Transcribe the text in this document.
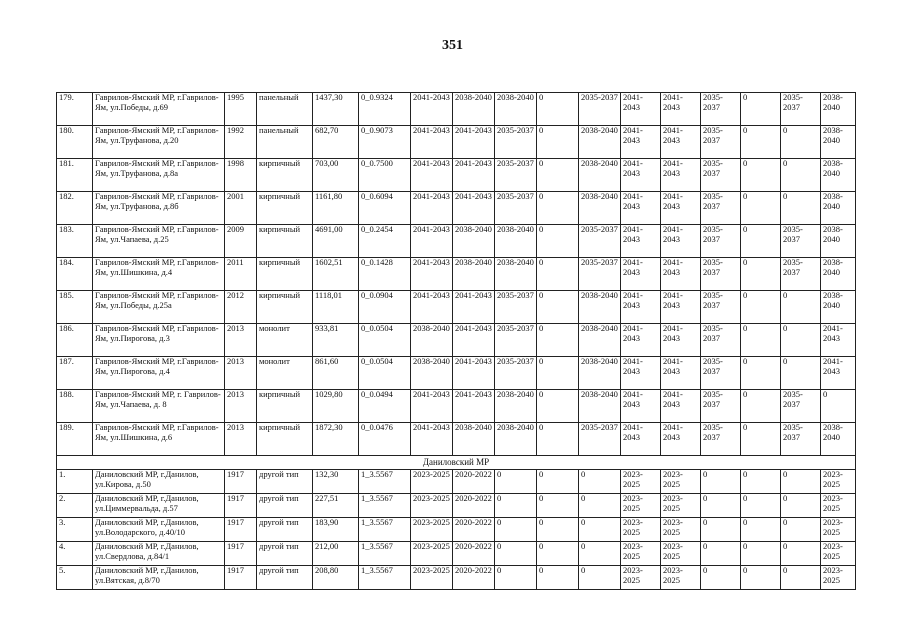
351
179.	Гаврилов-Ямский МР, г.Гаврилов-Ям, ул.Победы, д.69	1995	панельный	1437,30	0_0.9324	2041-2043	2038-2040	2038-2040	0	2035-2037	2041-2043	2041-2043	2035-2037	0	2035-2037	2038-2040
180.	Гаврилов-Ямский МР, г.Гаврилов-Ям, ул.Труфанова, д.20	1992	панельный	682,70	0_0.9073	2041-2043	2041-2043	2035-2037	0	2038-2040	2041-2043	2041-2043	2035-2037	0	0	2038-2040
181.	Гаврилов-Ямский МР, г.Гаврилов-Ям, ул.Труфанова, д.8а	1998	кирпичный	703,00	0_0.7500	2041-2043	2041-2043	2035-2037	0	2038-2040	2041-2043	2041-2043	2035-2037	0	0	2038-2040
182.	Гаврилов-Ямский МР, г.Гаврилов-Ям, ул.Труфанова, д.8б	2001	кирпичный	1161,80	0_0.6094	2041-2043	2041-2043	2035-2037	0	2038-2040	2041-2043	2041-2043	2035-2037	0	0	2038-2040
183.	Гаврилов-Ямский МР, г.Гаврилов-Ям, ул.Чапаева, д.25	2009	кирпичный	4691,00	0_0.2454	2041-2043	2038-2040	2038-2040	0	2035-2037	2041-2043	2041-2043	2035-2037	0	2035-2037	2038-2040
184.	Гаврилов-Ямский МР, г.Гаврилов-Ям, ул.Шишкина, д.4	2011	кирпичный	1602,51	0_0.1428	2041-2043	2038-2040	2038-2040	0	2035-2037	2041-2043	2041-2043	2035-2037	0	2035-2037	2038-2040
185.	Гаврилов-Ямский МР, г.Гаврилов-Ям, ул.Победы, д.25а	2012	кирпичный	1118,01	0_0.0904	2041-2043	2041-2043	2035-2037	0	2038-2040	2041-2043	2041-2043	2035-2037	0	0	2038-2040
186.	Гаврилов-Ямский МР, г.Гаврилов-Ям, ул.Пирогова, д.3	2013	монолит	933,81	0_0.0504	2038-2040	2041-2043	2035-2037	0	2038-2040	2041-2043	2041-2043	2035-2037	0	0	2041-2043
187.	Гаврилов-Ямский МР, г.Гаврилов-Ям, ул.Пирогова, д.4	2013	монолит	861,60	0_0.0504	2038-2040	2041-2043	2035-2037	0	2038-2040	2041-2043	2041-2043	2035-2037	0	0	2041-2043
188.	Гаврилов-Ямский МР, г. Гаврилов-Ям, ул.Чапаева, д. 8	2013	кирпичный	1029,80	0_0.0494	2041-2043	2041-2043	2038-2040	0	2038-2040	2041-2043	2041-2043	2035-2037	0	2035-2037	0
189.	Гаврилов-Ямский МР, г.Гаврилов-Ям, ул.Шишкина, д.6	2013	кирпичный	1872,30	0_0.0476	2041-2043	2038-2040	2038-2040	0	2035-2037	2041-2043	2041-2043	2035-2037	0	2035-2037	2038-2040
Даниловский МР																
1.	Даниловский МР, г.Данилов, ул.Кирова, д.50	1917	другой тип	132,30	1_3.5567	2023-2025	2020-2022	0	0	0	2023-2025	2023-2025	0	0	0	2023-2025
2.	Даниловский МР, г.Данилов, ул.Циммервальда, д.57	1917	другой тип	227,51	1_3.5567	2023-2025	2020-2022	0	0	0	2023-2025	2023-2025	0	0	0	2023-2025
3.	Даниловский МР, г.Данилов, ул.Володарского, д.40/10	1917	другой тип	183,90	1_3.5567	2023-2025	2020-2022	0	0	0	2023-2025	2023-2025	0	0	0	2023-2025
4.	Даниловский МР, г.Данилов, ул.Свердлова, д.84/1	1917	другой тип	212,00	1_3.5567	2023-2025	2020-2022	0	0	0	2023-2025	2023-2025	0	0	0	2023-2025
5.	Даниловский МР, г.Данилов, ул.Вятская, д.8/70	1917	другой тип	208,80	1_3.5567	2023-2025	2020-2022	0	0	0	2023-2025	2023-2025	0	0	0	2023-2025
